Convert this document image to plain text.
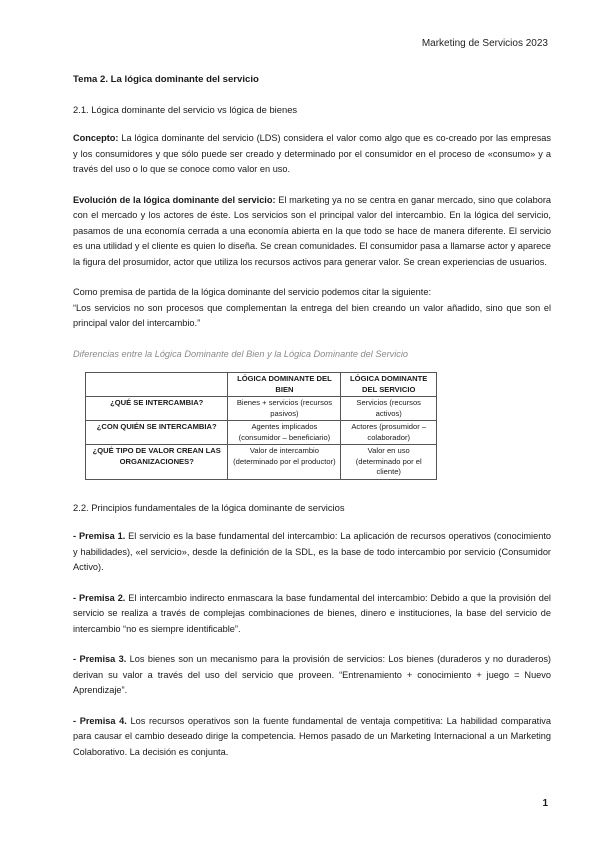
Marketing de Servicios 2023
Tema 2. La lógica dominante del servicio
2.1. Lógica dominante del servicio vs lógica de bienes

Concepto: La lógica dominante del servicio (LDS) considera el valor como algo que es co-creado por las empresas y los consumidores y que sólo puede ser creado y determinado por el consumidor en el proceso de «consumo» y a través del uso o lo que se conoce como valor en uso.

Evolución de la lógica dominante del servicio: El marketing ya no se centra en ganar mercado, sino que colabora con el mercado y los actores de éste. Los servicios son el principal valor del intercambio. En la lógica del servicio, pasamos de una economía cerrada a una economía abierta en la que todo se hace de manera diferente. El servicio es una utilidad y el cliente es quien lo diseña. Se crean comunidades. El consumidor pasa a llamarse actor y aparece la figura del prosumidor, actor que utiliza los recursos activos para generar valor. Se crean experiencias de usuarios.

Como premisa de partida de la lógica dominante del servicio podemos citar la siguiente:

“Los servicios no son procesos que complementan la entrega del bien creando un valor añadido, sino que son el principal valor del intercambio.”

Diferencias entre la Lógica Dominante del Bien y la Lógica Dominante del Servicio
	LÓGICA DOMINANTE DEL BIEN	LÓGICA DOMINANTE DEL SERVICIO
¿QUÉ SE INTERCAMBIA?	Bienes + servicios (recursos pasivos)	Servicios (recursos activos)
¿CON QUIÉN SE INTERCAMBIA?	Agentes implicados (consumidor – beneficiario)	Actores (prosumidor – colaborador)
¿QUÉ TIPO DE VALOR CREAN LAS ORGANIZACIONES?	Valor de intercambio (determinado por el productor)	Valor en uso (determinado por el cliente)
2.2. Principios fundamentales de la lógica dominante de servicios

- Premisa 1. El servicio es la base fundamental del intercambio: La aplicación de recursos operativos (conocimiento y habilidades), «el servicio», desde la definición de la SDL, es la base de todo intercambio por servicio (Consumidor Activo).

- Premisa 2. El intercambio indirecto enmascara la base fundamental del intercambio: Debido a que la provisión del servicio se realiza a través de complejas combinaciones de bienes, dinero e instituciones, la base del servicio de intercambio “no es siempre identificable”.

- Premisa 3. Los bienes son un mecanismo para la provisión de servicios: Los bienes (duraderos y no duraderos) derivan su valor a través del uso del servicio que proveen. “Entrenamiento + conocimiento + juego = Nuevo Aprendizaje”.

- Premisa 4. Los recursos operativos son la fuente fundamental de ventaja competitiva: La habilidad comparativa para causar el cambio deseado dirige la competencia. Hemos pasado de un Marketing Internacional a un Marketing Colaborativo. La decisión es conjunta.

1
